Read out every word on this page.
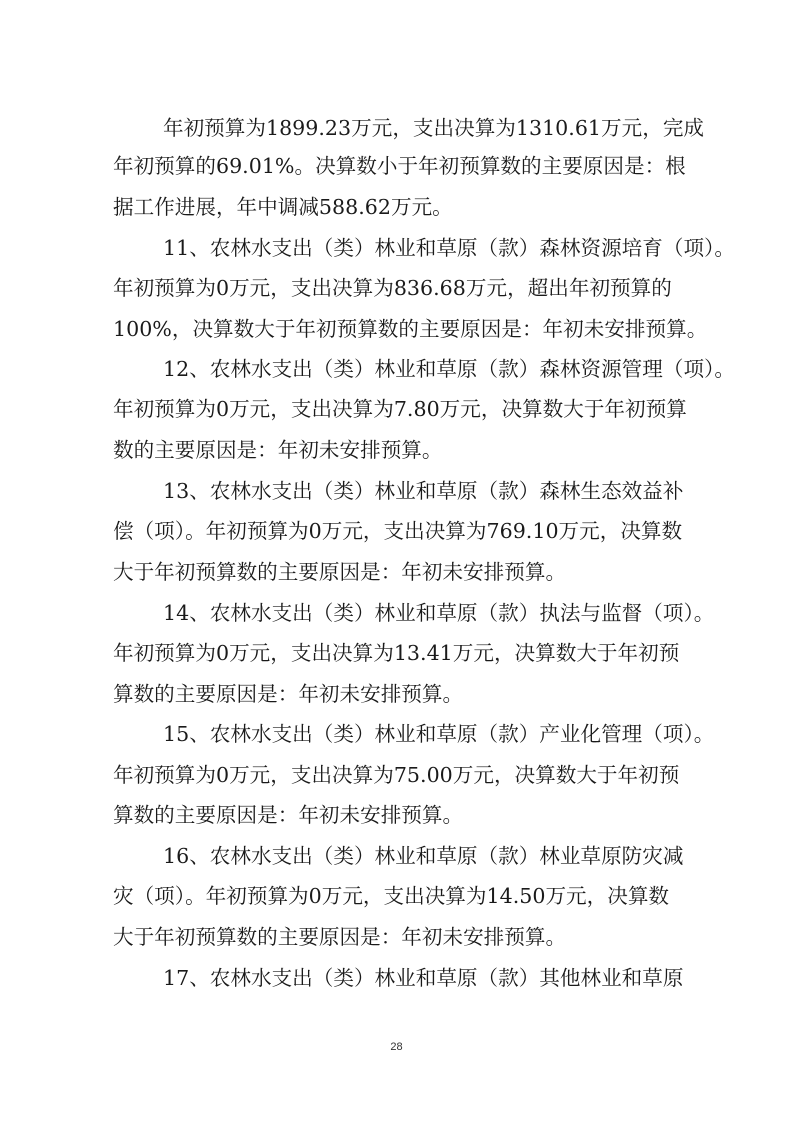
年初预算为1899.23万元，支出决算为1310.61万元，完成
年初预算的69.01%。决算数小于年初预算数的主要原因是：根
据工作进展，年中调减588.62万元。
11、农林水支出（类）林业和草原（款）森林资源培育（项）。
年初预算为0万元，支出决算为836.68万元，超出年初预算的
100%，决算数大于年初预算数的主要原因是：年初未安排预算。
12、农林水支出（类）林业和草原（款）森林资源管理（项）。
年初预算为0万元，支出决算为7.80万元，决算数大于年初预算
数的主要原因是：年初未安排预算。
13、农林水支出（类）林业和草原（款）森林生态效益补
偿（项）。年初预算为0万元，支出决算为769.10万元，决算数
大于年初预算数的主要原因是：年初未安排预算。
14、农林水支出（类）林业和草原（款）执法与监督（项）。
年初预算为0万元，支出决算为13.41万元，决算数大于年初预
算数的主要原因是：年初未安排预算。
15、农林水支出（类）林业和草原（款）产业化管理（项）。
年初预算为0万元，支出决算为75.00万元，决算数大于年初预
算数的主要原因是：年初未安排预算。
16、农林水支出（类）林业和草原（款）林业草原防灾减
灾（项）。年初预算为0万元，支出决算为14.50万元，决算数
大于年初预算数的主要原因是：年初未安排预算。
17、农林水支出（类）林业和草原（款）其他林业和草原
28
